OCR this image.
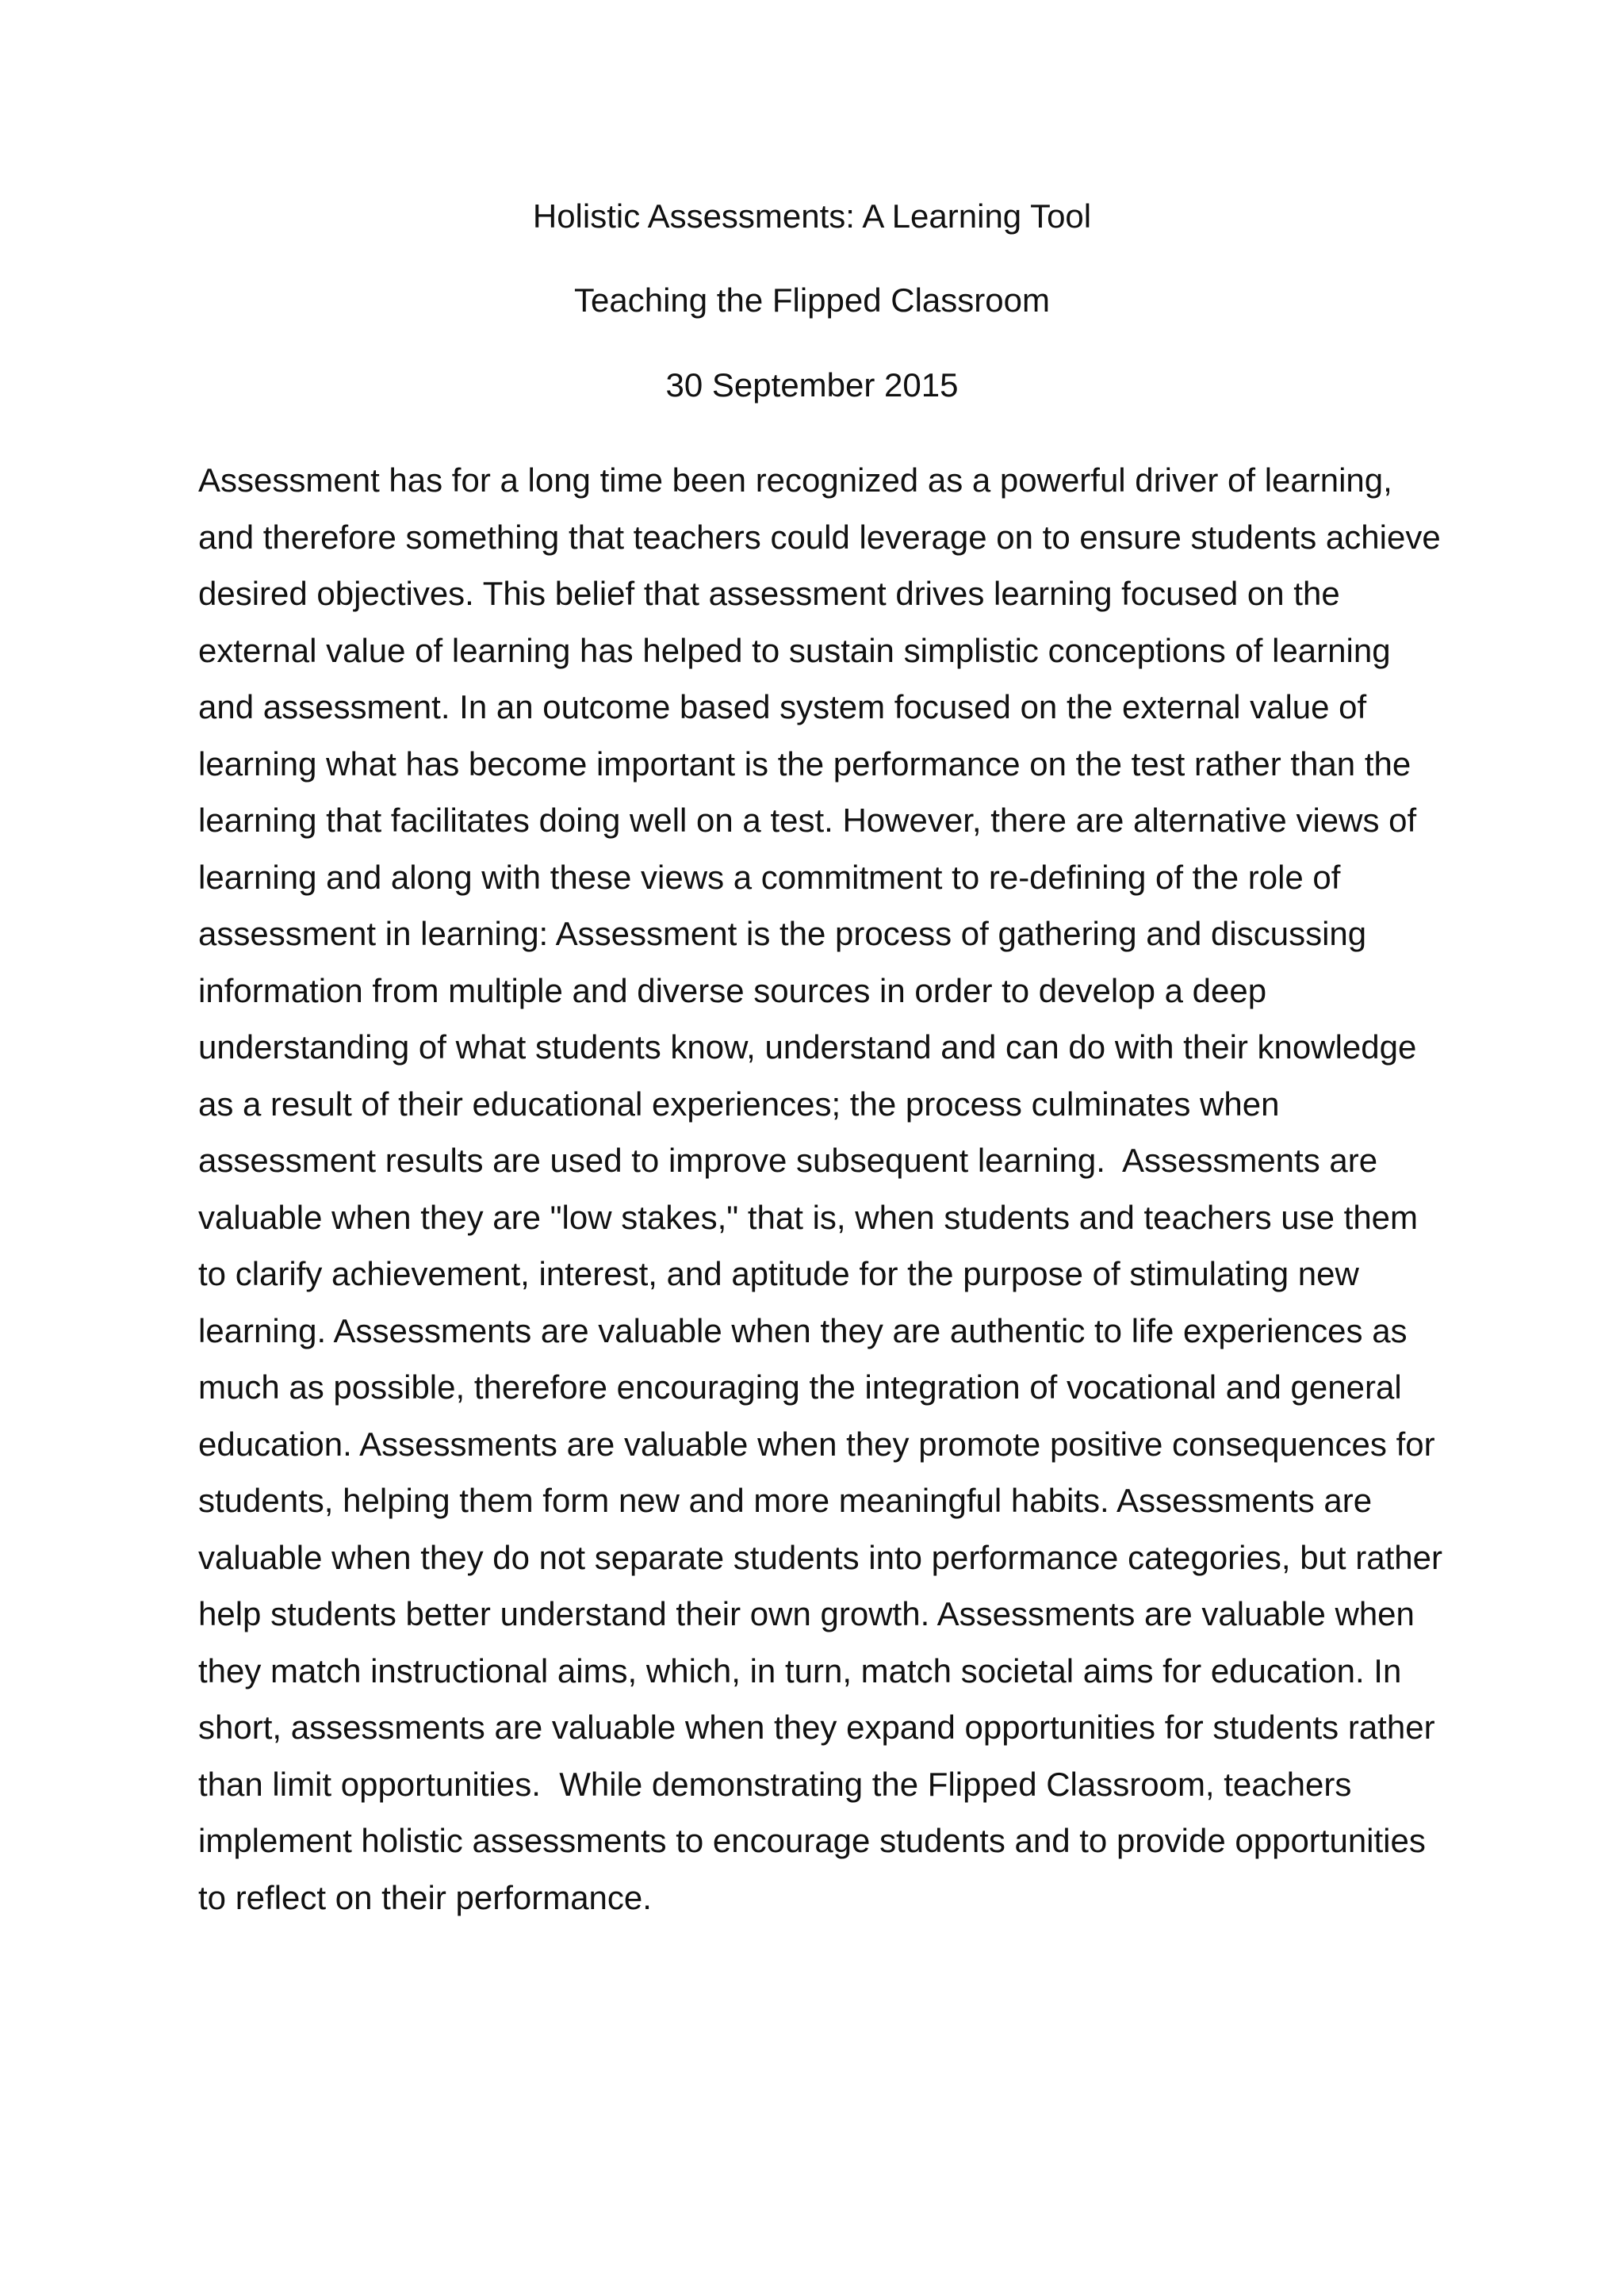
Holistic Assessments: A Learning Tool
Teaching the Flipped Classroom
30 September 2015

Assessment has for a long time been recognized as a powerful driver of learning,
and therefore something that teachers could leverage on to ensure students achieve
desired objectives. This belief that assessment drives learning focused on the
external value of learning has helped to sustain simplistic conceptions of learning
and assessment. In an outcome based system focused on the external value of
learning what has become important is the performance on the test rather than the
learning that facilitates doing well on a test. However, there are alternative views of
learning and along with these views a commitment to re-defining of the role of
assessment in learning: Assessment is the process of gathering and discussing
information from multiple and diverse sources in order to develop a deep
understanding of what students know, understand and can do with their knowledge
as a result of their educational experiences; the process culminates when
assessment results are used to improve subsequent learning.  Assessments are
valuable when they are "low stakes," that is, when students and teachers use them
to clarify achievement, interest, and aptitude for the purpose of stimulating new
learning. Assessments are valuable when they are authentic to life experiences as
much as possible, therefore encouraging the integration of vocational and general
education. Assessments are valuable when they promote positive consequences for
students, helping them form new and more meaningful habits. Assessments are
valuable when they do not separate students into performance categories, but rather
help students better understand their own growth. Assessments are valuable when
they match instructional aims, which, in turn, match societal aims for education. In
short, assessments are valuable when they expand opportunities for students rather
than limit opportunities.  While demonstrating the Flipped Classroom, teachers
implement holistic assessments to encourage students and to provide opportunities
to reflect on their performance.
